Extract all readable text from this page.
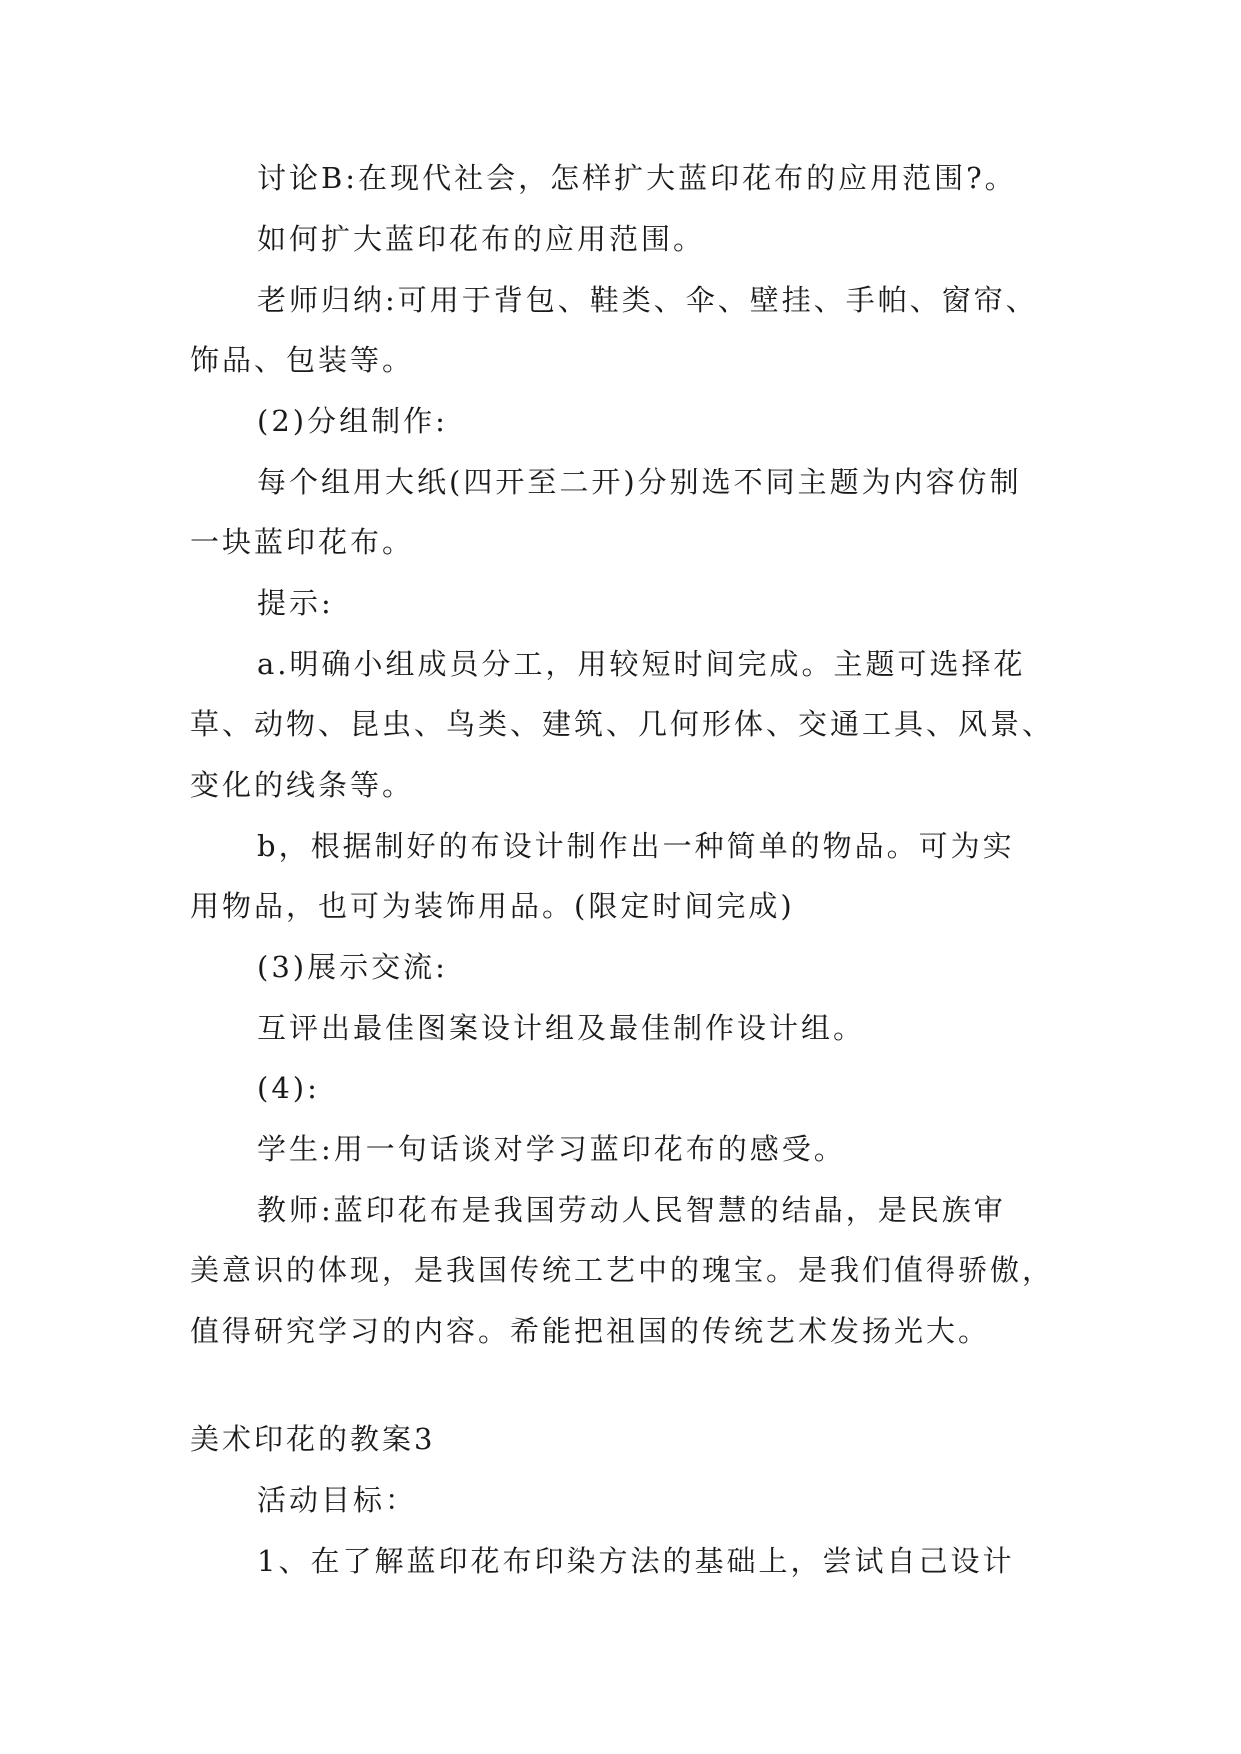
讨论B:在现代社会，怎样扩大蓝印花布的应用范围?。
如何扩大蓝印花布的应用范围。
老师归纳:可用于背包、鞋类、伞、壁挂、手帕、窗帘、
饰品、包装等。
(2)分组制作:
每个组用大纸(四开至二开)分别选不同主题为内容仿制
一块蓝印花布。
提示:
a.明确小组成员分工，用较短时间完成。主题可选择花
草、动物、昆虫、鸟类、建筑、几何形体、交通工具、风景、
变化的线条等。
b，根据制好的布设计制作出一种简单的物品。可为实
用物品，也可为装饰用品。(限定时间完成)
(3)展示交流:
互评出最佳图案设计组及最佳制作设计组。
(4):
学生:用一句话谈对学习蓝印花布的感受。
教师:蓝印花布是我国劳动人民智慧的结晶，是民族审
美意识的体现，是我国传统工艺中的瑰宝。是我们值得骄傲，
值得研究学习的内容。希能把祖国的传统艺术发扬光大。
美术印花的教案3
活动目标：
1、在了解蓝印花布印染方法的基础上，尝试自己设计
